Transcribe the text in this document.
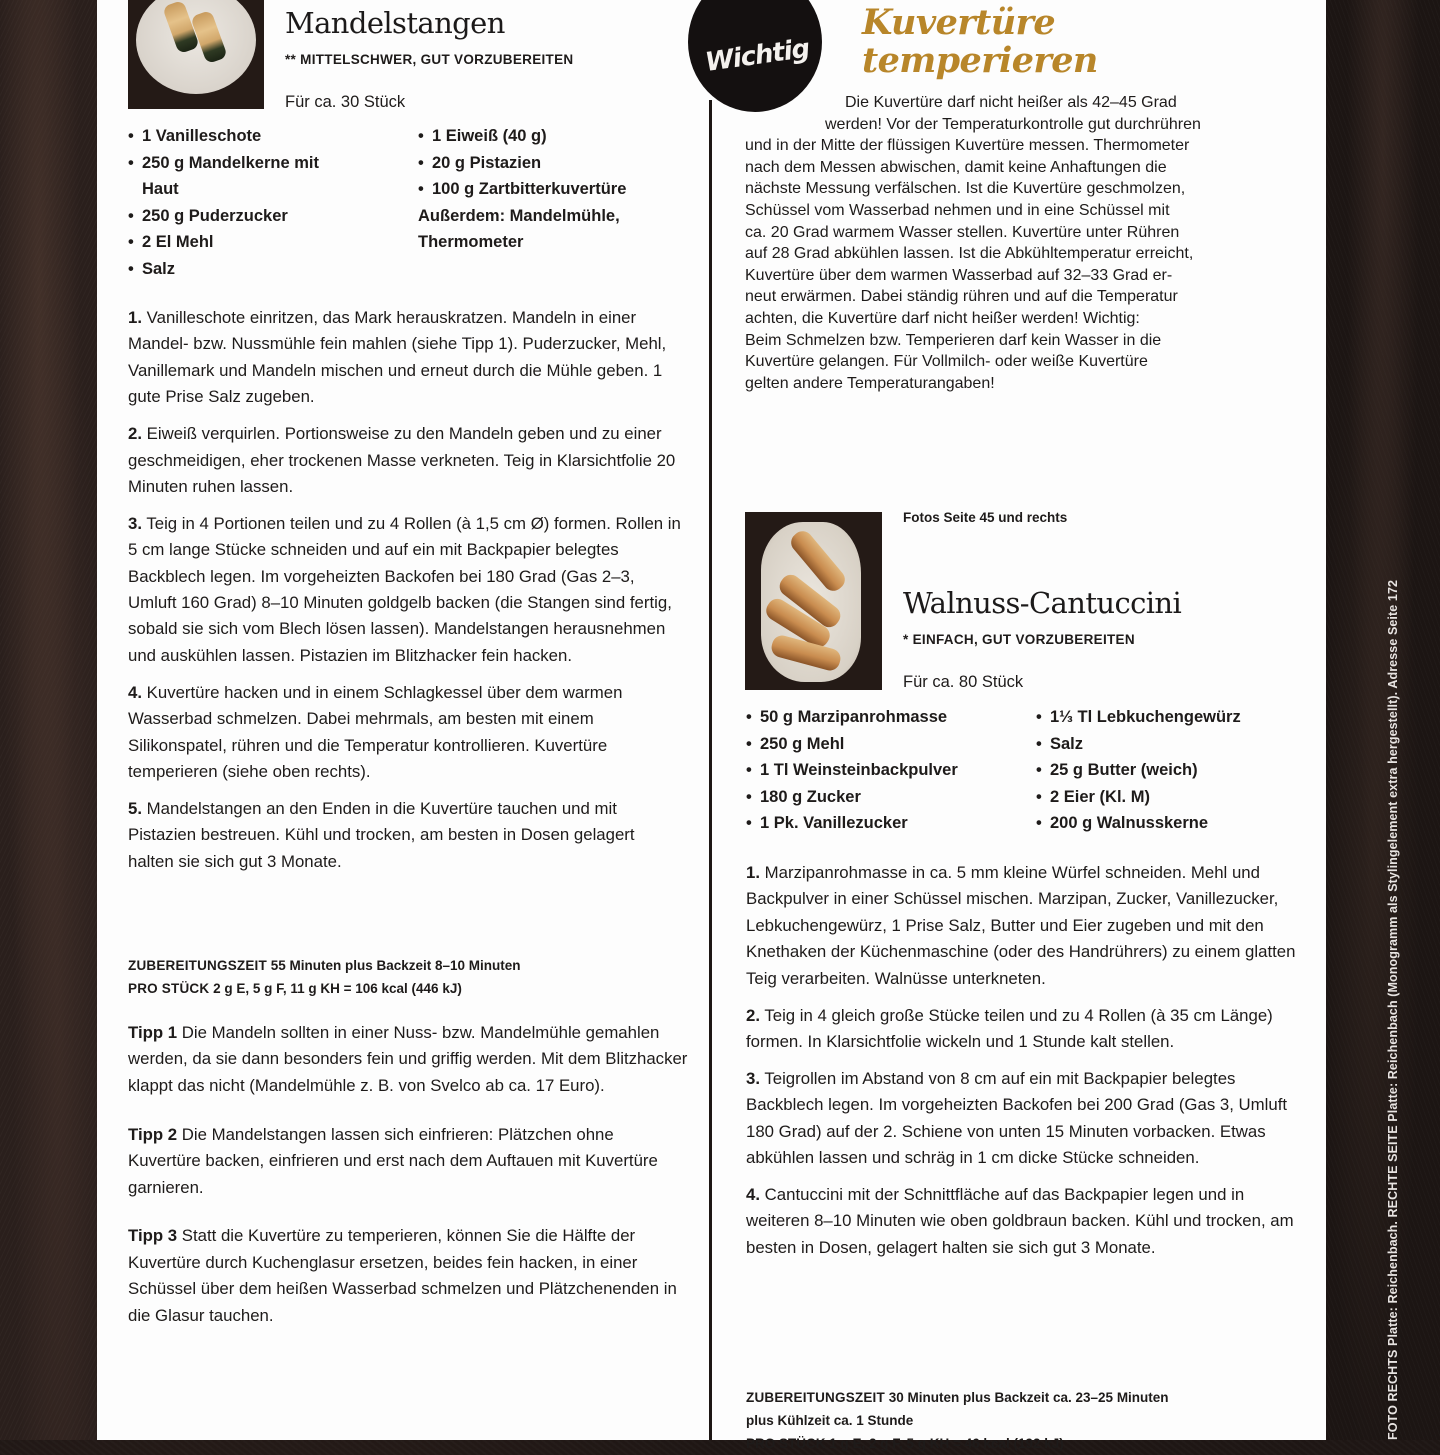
FOTO RECHTS Platte: Reichenbach. RECHTE SEITE Platte: Reichenbach (Monogramm als Stylingelement extra hergestellt). Adresse Seite 172
Mandelstangen
** MITTELSCHWER, GUT VORZUBEREITEN
Für ca. 30 Stück
• 1 Vanilleschote
• 250 g Mandelkerne mit
Haut
• 250 g Puderzucker
• 2 El Mehl
• Salz
• 1 Eiweiß (40 g)
• 20 g Pistazien
• 100 g Zartbitterkuvertüre
Außerdem: Mandelmühle,
Thermometer

1. Vanilleschote einritzen, das Mark herauskratzen. Mandeln in einer Mandel- bzw. Nussmühle fein mahlen (siehe Tipp 1). Puderzucker, Mehl, Vanillemark und Mandeln mischen und erneut durch die Mühle geben. 1 gute Prise Salz zugeben.

2. Eiweiß verquirlen. Portionsweise zu den Mandeln geben und zu einer geschmeidigen, eher trockenen Masse verkneten. Teig in Klarsichtfolie 20 Minuten ruhen lassen.

3. Teig in 4 Portionen teilen und zu 4 Rollen (à 1,5 cm Ø) formen. Rollen in 5 cm lange Stücke schneiden und auf ein mit Backpapier belegtes Backblech legen. Im vorgeheizten Backofen bei 180 Grad (Gas 2–3, Umluft 160 Grad) 8–10 Minuten goldgelb backen (die Stangen sind fertig, sobald sie sich vom Blech lösen lassen). Mandelstangen herausnehmen und auskühlen lassen. Pistazien im Blitzhacker fein hacken.

4. Kuvertüre hacken und in einem Schlagkessel über dem warmen Wasserbad schmelzen. Dabei mehrmals, am besten mit einem Silikonspatel, rühren und die Temperatur kontrollieren. Kuvertüre temperieren (siehe oben rechts).

5. Mandelstangen an den Enden in die Kuvertüre tauchen und mit Pistazien bestreuen. Kühl und trocken, am besten in Dosen gelagert halten sie sich gut 3 Monate.

ZUBEREITUNGSZEIT 55 Minuten plus Backzeit 8–10 Minuten
PRO STÜCK 2 g E, 5 g F, 11 g KH = 106 kcal (446 kJ)

Tipp 1 Die Mandeln sollten in einer Nuss- bzw. Mandelmühle gemahlen werden, da sie dann besonders fein und griffig werden. Mit dem Blitzhacker klappt das nicht (Mandelmühle z. B. von Svelco ab ca. 17 Euro).

Tipp 2 Die Mandelstangen lassen sich einfrieren: Plätzchen ohne Kuvertüre backen, einfrieren und erst nach dem Auftauen mit Kuvertüre garnieren.

Tipp 3 Statt die Kuvertüre zu temperieren, können Sie die Hälfte der Kuvertüre durch Kuchenglasur ersetzen, beides fein hacken, in einer Schüssel über dem heißen Wasserbad schmelzen und Plätzchenenden in die Glasur tauchen.

Wichtig
Kuvertüre
temperieren
Die Kuvertüre darf nicht heißer als 42–45 Grad
werden! Vor der Temperaturkontrolle gut durchrühren
und in der Mitte der flüssigen Kuvertüre messen. Thermometer
nach dem Messen abwischen, damit keine Anhaftungen die
nächste Messung verfälschen. Ist die Kuvertüre geschmolzen,
Schüssel vom Wasserbad nehmen und in eine Schüssel mit
ca. 20 Grad warmem Wasser stellen. Kuvertüre unter Rühren
auf 28 Grad abkühlen lassen. Ist die Abkühltemperatur erreicht,
Kuvertüre über dem warmen Wasserbad auf 32–33 Grad er-
neut erwärmen. Dabei ständig rühren und auf die Temperatur
achten, die Kuvertüre darf nicht heißer werden! Wichtig:
Beim Schmelzen bzw. Temperieren darf kein Wasser in die
Kuvertüre gelangen. Für Vollmilch- oder weiße Kuvertüre
gelten andere Temperaturangaben!
Fotos Seite 45 und rechts
Walnuss-Cantuccini
* EINFACH, GUT VORZUBEREITEN
Für ca. 80 Stück
• 50 g Marzipanrohmasse
• 250 g Mehl
• 1 Tl Weinsteinbackpulver
• 180 g Zucker
• 1 Pk. Vanillezucker
• 1⅓ Tl Lebkuchengewürz
• Salz
• 25 g Butter (weich)
• 2 Eier (Kl. M)
• 200 g Walnusskerne

1. Marzipanrohmasse in ca. 5 mm kleine Würfel schneiden. Mehl und Backpulver in einer Schüssel mischen. Marzipan, Zucker, Vanillezucker, Lebkuchengewürz, 1 Prise Salz, Butter und Eier zugeben und mit den Knethaken der Küchenmaschine (oder des Handrührers) zu einem glatten Teig verarbeiten. Walnüsse unterkneten.

2. Teig in 4 gleich große Stücke teilen und zu 4 Rollen (à 35 cm Länge) formen. In Klarsichtfolie wickeln und 1 Stunde kalt stellen.

3. Teigrollen im Abstand von 8 cm auf ein mit Backpapier belegtes Backblech legen. Im vorgeheizten Backofen bei 200 Grad (Gas 3, Umluft 180 Grad) auf der 2. Schiene von unten 15 Minuten vorbacken. Etwas abkühlen lassen und schräg in 1 cm dicke Stücke schneiden.

4. Cantuccini mit der Schnittfläche auf das Backpapier legen und in weiteren 8–10 Minuten wie oben goldbraun backen. Kühl und trocken, am besten in Dosen, gelagert halten sie sich gut 3 Monate.

ZUBEREITUNGSZEIT 30 Minuten plus Backzeit ca. 23–25 Minuten
plus Kühlzeit ca. 1 Stunde
PRO STÜCK 1 g E, 2 g F, 5 g KH = 46 kcal (192 kJ)
